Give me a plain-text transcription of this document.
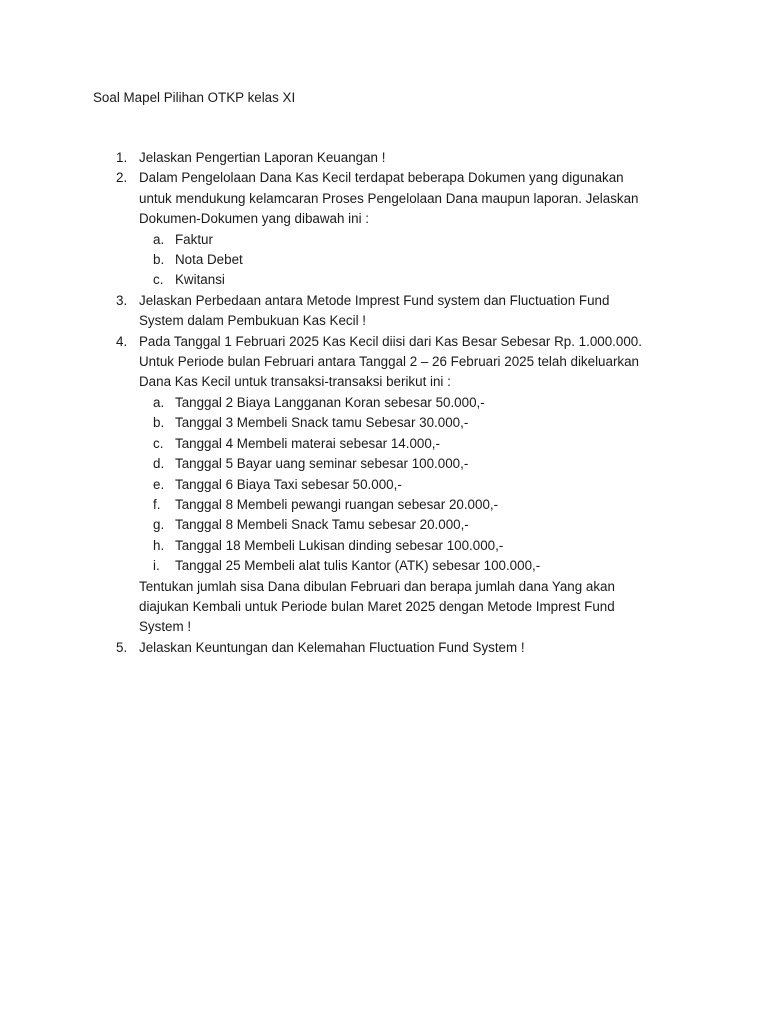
Soal Mapel Pilihan OTKP kelas XI
1. Jelaskan Pengertian Laporan Keuangan !
2. Dalam Pengelolaan Dana Kas Kecil terdapat beberapa Dokumen yang digunakan
untuk mendukung kelamcaran Proses Pengelolaan Dana maupun laporan. Jelaskan
Dokumen-Dokumen yang dibawah ini :
a. Faktur
b. Nota Debet
c. Kwitansi
3. Jelaskan Perbedaan antara Metode Imprest Fund system dan Fluctuation Fund
System dalam Pembukuan Kas Kecil !
4. Pada Tanggal 1 Februari 2025 Kas Kecil diisi dari Kas Besar Sebesar Rp. 1.000.000.
Untuk Periode bulan Februari antara Tanggal 2 – 26 Februari 2025 telah dikeluarkan
Dana Kas Kecil untuk transaksi-transaksi berikut ini :
a. Tanggal 2 Biaya Langganan Koran sebesar 50.000,-
b. Tanggal 3 Membeli Snack tamu Sebesar 30.000,-
c. Tanggal 4 Membeli materai sebesar 14.000,-
d. Tanggal 5 Bayar uang seminar sebesar 100.000,-
e. Tanggal 6 Biaya Taxi sebesar 50.000,-
f. Tanggal 8 Membeli pewangi ruangan sebesar 20.000,-
g. Tanggal 8 Membeli Snack Tamu sebesar 20.000,-
h. Tanggal 18 Membeli Lukisan dinding sebesar 100.000,-
i. Tanggal 25 Membeli alat tulis Kantor (ATK) sebesar 100.000,-
Tentukan jumlah sisa Dana dibulan Februari dan berapa jumlah dana Yang akan
diajukan Kembali untuk Periode bulan Maret 2025 dengan Metode Imprest Fund
System !
5. Jelaskan Keuntungan dan Kelemahan Fluctuation Fund System !
